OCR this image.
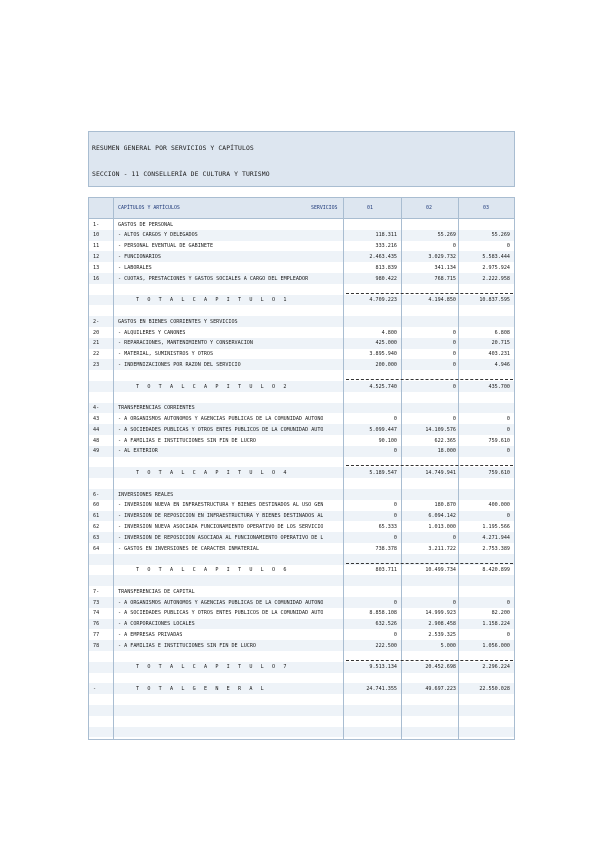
RESUMEN GENERAL POR SERVICIOS Y CAPÍTULOS
SECCION - 11 CONSELLERÍA DE CULTURA Y TURISMO
CAPÍTULOS Y ARTÍCULOS	SERVICIOS	01	02	03
1-	GASTOS DE PERSONAL
10	- ALTOS CARGOS Y DELEGADOS	118.311	55.269	55.269
11	- PERSONAL EVENTUAL DE GABINETE	333.216	0	0
12	- FUNCIONARIOS	2.463.435	3.029.732	5.583.444
13	- LABORALES	813.839	341.134	2.975.924
16	- CUOTAS, PRESTACIONES Y GASTOS SOCIALES A CARGO DEL EMPLEADOR	980.422	768.715	2.222.958
T O T A L C A P Í T U L O 1	4.709.223	4.194.850	10.837.595
2-	GASTOS EN BIENES CORRIENTES Y SERVICIOS
20	- ALQUILERES Y CÁNONES	4.800	0	6.808
21	- REPARACIONES, MANTENIMIENTO Y CONSERVACIÓN	425.000	0	20.715
22	- MATERIAL, SUMINISTROS Y OTROS	3.895.940	0	403.231
23	- INDEMNIZACIONES POR RAZÓN DEL SERVICIO	200.000	0	4.946
T O T A L C A P Í T U L O 2	4.525.740	0	435.700
4-	TRANSFERENCIAS CORRIENTES
43	- A ORGANISMOS AUTÓNOMOS Y AGENCIAS PÚBLICAS DE LA COMUNIDAD AUTÓNO	0	0	0
44	- A SOCIEDADES PÚBLICAS Y OTROS ENTES PÚBLICOS DE LA COMUNIDAD AUTÓ	5.099.447	14.109.576	0
48	- A FAMILIAS E INSTITUCIONES SIN FIN DE LUCRO	90.100	622.365	759.610
49	- AL EXTERIOR	0	18.000	0
T O T A L C A P Í T U L O 4	5.189.547	14.749.941	759.610
6-	INVERSIONES REALES
60	- INVERSIÓN NUEVA EN INFRAESTRUCTURA Y BIENES DESTINADOS AL USO GEN	0	180.870	400.000
61	- INVERSIÓN DE REPOSICIÓN EN INFRAESTRUCTURA Y BIENES DESTINADOS AL	0	6.094.142	0
62	- INVERSIÓN NUEVA ASOCIADA FUNCIONAMIENTO OPERATIVO DE LOS SERVICIO	65.333	1.013.000	1.195.566
63	- INVERSIÓN DE REPOSICIÓN ASOCIADA AL FUNCIONAMIENTO OPERATIVO DE L	0	0	4.271.944
64	- GASTOS EN INVERSIONES DE CARÁCTER INMATERIAL	738.378	3.211.722	2.753.389
T O T A L C A P Í T U L O 6	803.711	10.499.734	8.420.899
7-	TRANSFERENCIAS DE CAPITAL
73	- A ORGANISMOS AUTÓNOMOS Y AGENCIAS PÚBLICAS DE LA COMUNIDAD AUTÓNO	0	0	0
74	- A SOCIEDADES PÚBLICAS Y OTROS ENTES PÚBLICOS DE LA COMUNIDAD AUTÓ	8.858.108	14.999.923	82.200
76	- A CORPORACIONES LOCALES	632.526	2.908.458	1.158.224
77	- A EMPRESAS PRIVADAS	0	2.539.325	0
78	- A FAMILIAS E INSTITUCIONES SIN FIN DE LUCRO	222.500	5.000	1.056.000
T O T A L C A P Í T U L O 7	9.513.134	20.452.698	2.296.224
-	T O T A L G E N E R A L	24.741.355	49.697.223	22.550.028
